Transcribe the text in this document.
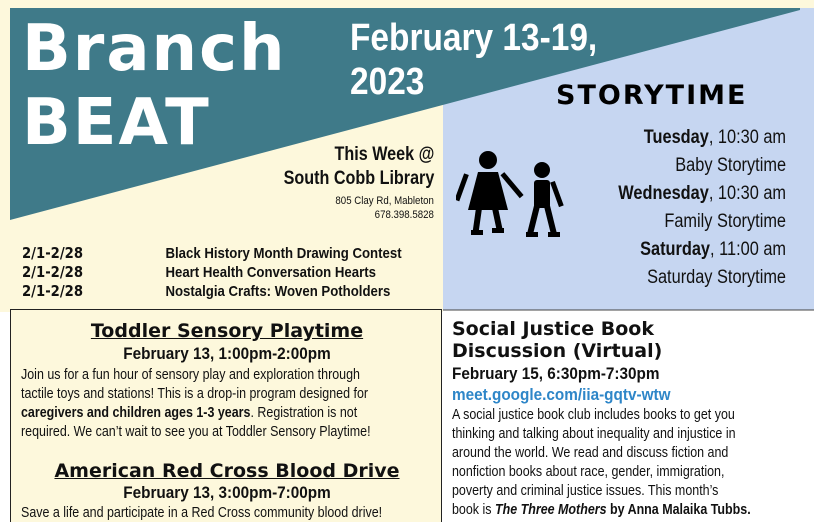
Branch
BEAT
February 13-19,
2023	STORYTIME
This Week @
South Cobb Library
805 Clay Rd, Mableton
678.398.5828
Tuesday, 10:30 am
Baby Storytime
Wednesday, 10:30 am
Family Storytime
Saturday, 11:00 am
Saturday Storytime
2/1-2/28	Black History Month Drawing Contest
2/1-2/28	Heart Health Conversation Hearts
2/1-2/28	Nostalgia Crafts: Woven Potholders
Toddler Sensory Playtime
February 13, 1:00pm-2:00pm
Join us for a fun hour of sensory play and exploration through
tactile toys and stations! This is a drop-in program designed for
caregivers and children ages 1-3 years. Registration is not
required. We can’t wait to see you at Toddler Sensory Playtime!
American Red Cross Blood Drive
February 13, 3:00pm-7:00pm
Save a life and participate in a Red Cross community blood drive!
Social Justice Book
Discussion (Virtual)
February 15, 6:30pm-7:30pm
meet.google.com/iia-gqtv-wtw
A social justice book club includes books to get you
thinking and talking about inequality and injustice in
around the world. We read and discuss fiction and
nonfiction books about race, gender, immigration,
poverty and criminal justice issues. This month’s
book is The Three Mothers by Anna Malaika Tubbs.
